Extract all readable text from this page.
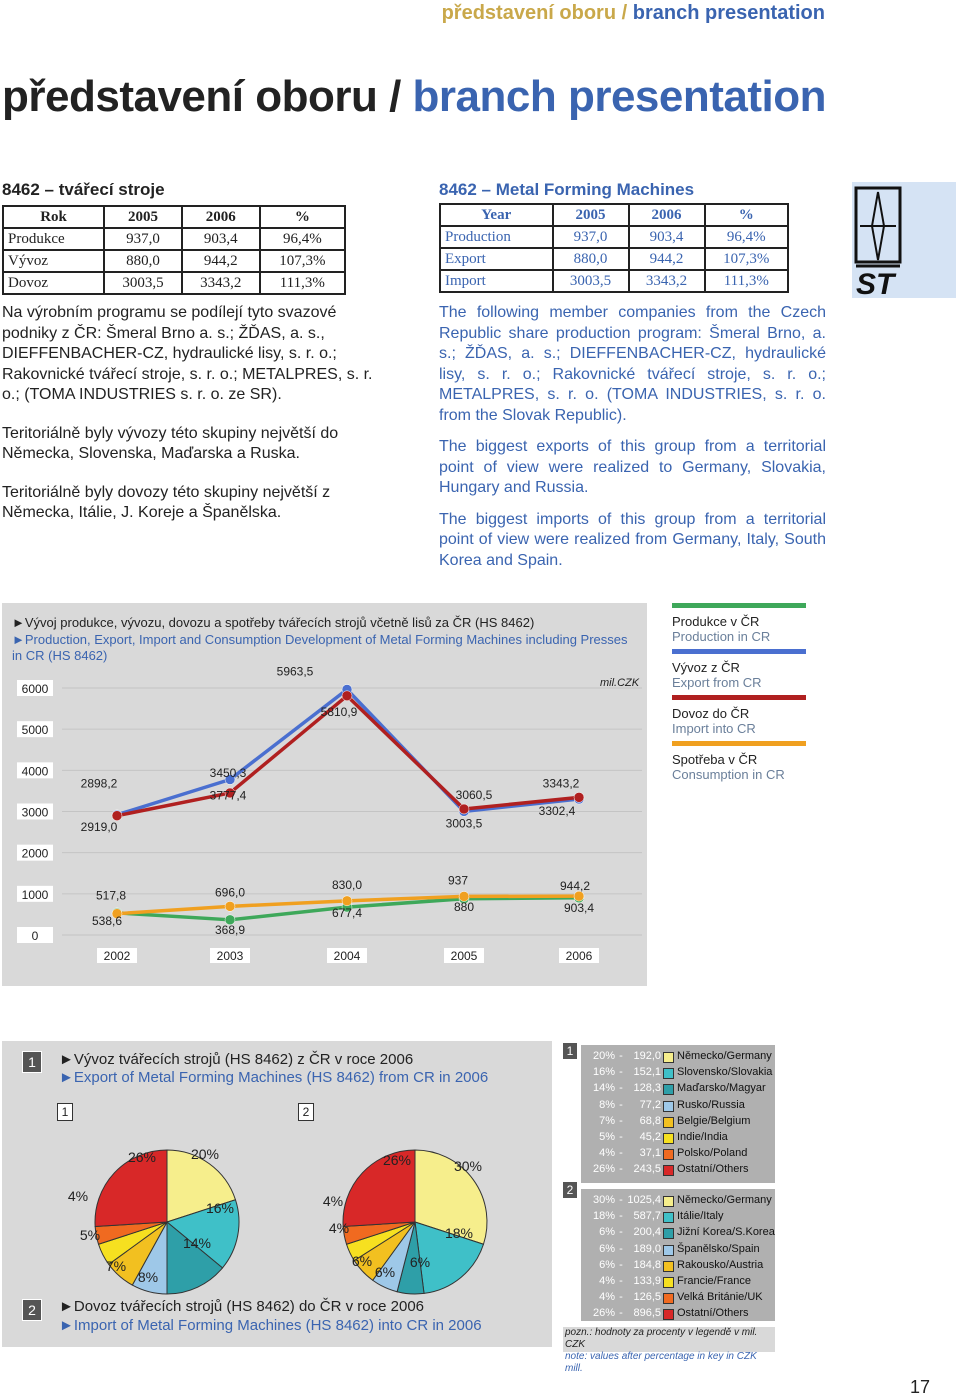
představení oboru / branch presentation
představení oboru / branch presentation
8462 – tvářecí stroje
Rok	2005	2006	%
Produkce	937,0	903,4	96,4%
Vývoz	880,0	944,2	107,3%
Dovoz	3003,5	3343,2	111,3%

Na výrobním programu se podílejí tyto svazové podniky z ČR: Šmeral Brno a. s.; ŽĎAS, a. s., DIEFFENBACHER-CZ, hydraulické lisy, s. r. o.; Rakovnické tvářecí stroje, s. r. o.; METALPRES, s. r. o.; (TOMA INDUSTRIES s. r. o. ze SR).

Teritoriálně byly vývozy této skupiny největší do Německa, Slovenska, Maďarska a Ruska.

Teritoriálně byly dovozy této skupiny největší z Německa, Itálie, J. Koreje a Španělska.

8462 – Metal Forming Machines
Year	2005	2006	%
Production	937,0	903,4	96,4%
Export	880,0	944,2	107,3%
Import	3003,5	3343,2	111,3%

The following member companies from the Czech Republic share production program: Šmeral Brno, a. s.; ŽĎAS, a. s.; DIEFFENBACHER-CZ, hydraulické lisy, s. r. o.; Rakovnické tvářecí stroje, s. r. o.; METALPRES, s. r. o. (TOMA INDUSTRIES, s. r. o. from the Slovak Republic).

The biggest exports of this group from a territorial point of view were realized to Germany, Slovakia, Hungary and Russia.

The biggest imports of this group from a territorial point of view were realized from Germany, Italy, South Korea and Spain.

ST
►Vývoj produkce, vývozu, dovozu a spotřeby tvářecích strojů včetně lisů za ČR (HS 8462)
►Production, Export, Import and Consumption Development of Metal Forming Machines including Presses in CR (HS 8462)
6000
5000
4000
3000
2000
1000
0
2002	2003	2004	2005	2006
mil.CZK
538,6
368,9
677,4	880	903,4
2919,0
3777,4
5963,5
3003,5
3302,4
2898,2
3450,3
5810,9
3060,5
3343,2
517,8	696,0
830,0	937	944,2
Produkce v ČR
Production in CR
Vývoz z ČR
Export from CR
Dovoz do ČR
Import into CR
Spotřeba v ČR
Consumption in CR
1	►Vývoz tvářecích strojů (HS 8462) z ČR v roce 2006
►Export of Metal Forming Machines (HS 8462) from CR in 2006
1	2
20%
16%
14%
8%
7%
5%
4%
26%
30%
18%
6%
6%
6%
4%
4%
26%
2	►Dovoz tvářecích strojů (HS 8462) do ČR v roce 2006
►Import of Metal Forming Machines (HS 8462) into CR in 2006
1	20% - 192,0 Německo/Germany
16% - 152,1 Slovensko/Slovakia
14% - 128,3 Maďarsko/Magyar
8% -	77,2 Rusko/Russia
7% -	68,8 Belgie/Belgium
5% -	45,2 Indie/India
4% -	37,1 Polsko/Poland
26% - 243,5 Ostatní/Others
2
30% - 1025,4 Německo/Germany
18% - 587,7 Itálie/Italy
6% - 200,4 Jižní Korea/S.Korea
6% - 189,0 Španělsko/Spain
6% - 184,8 Rakousko/Austria
4% - 133,9 Francie/France
4% - 126,5 Velká Británie/UK
26% - 896,5 Ostatní/Others
pozn.: hodnoty za procenty v legendě v mil. CZK
note: values after percentage in key in CZK mill.
17
